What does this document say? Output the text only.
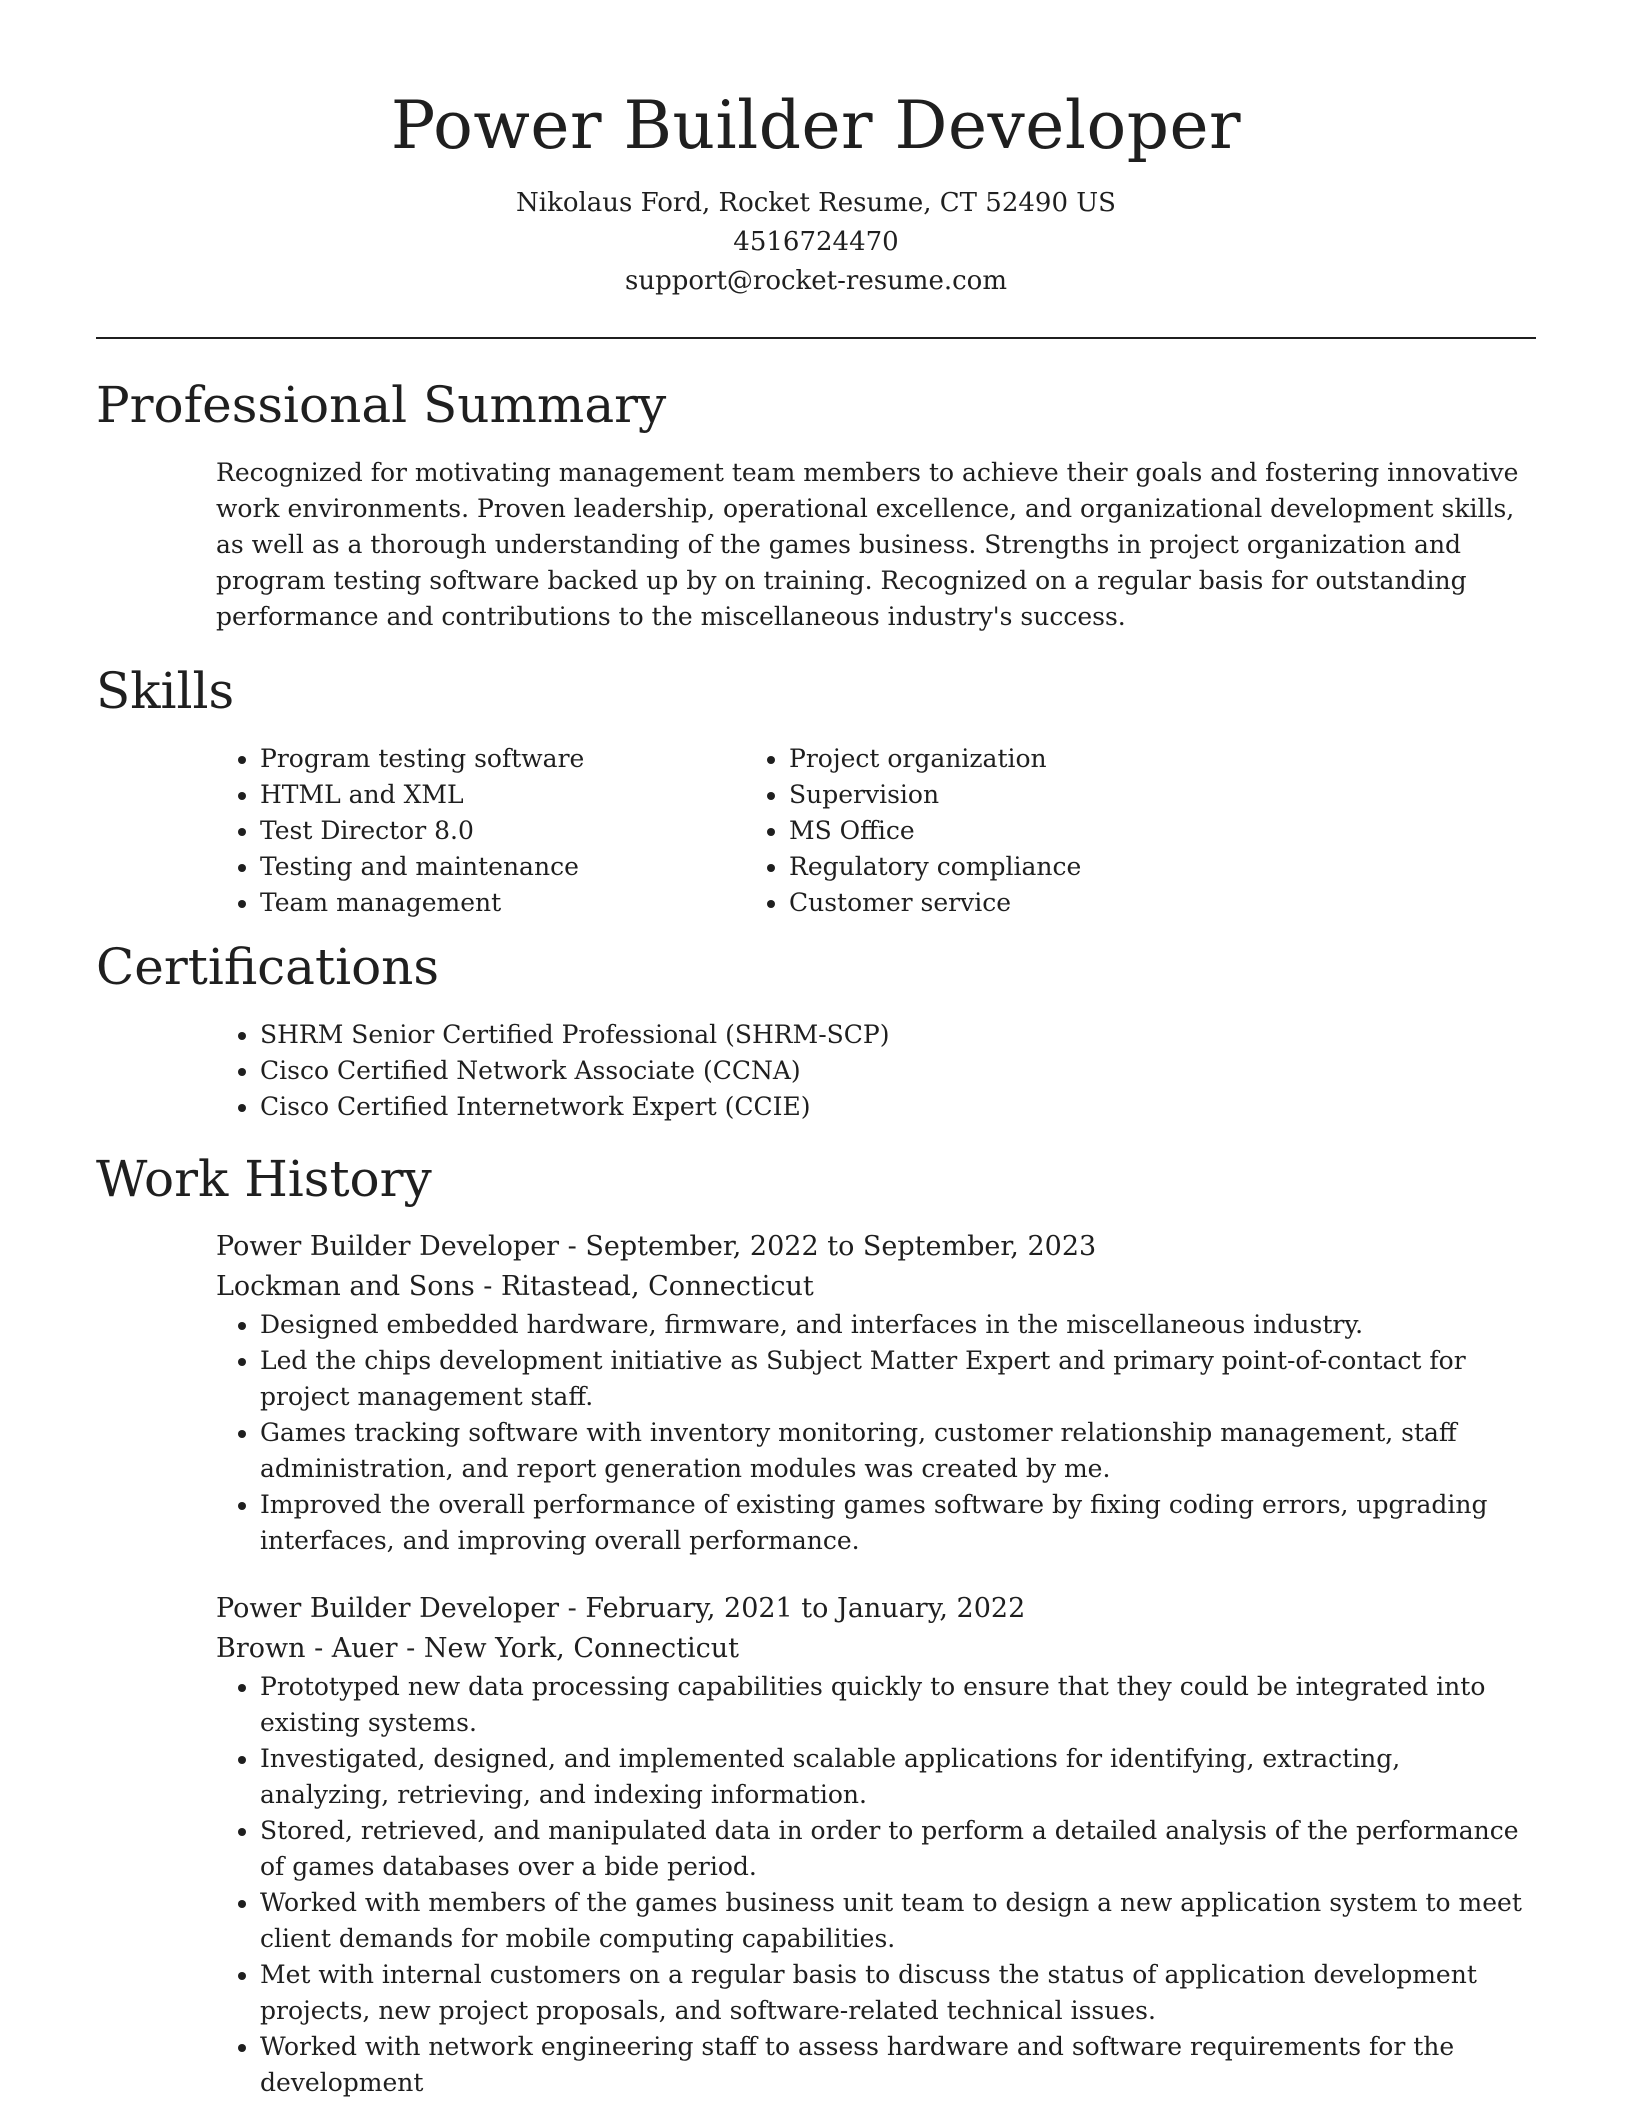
Power Builder Developer
Nikolaus Ford, Rocket Resume, CT 52490 US
4516724470
support@rocket-resume.com
Professional Summary

Recognized for motivating management team members to achieve their goals and fostering innovative work environments. Proven leadership, operational excellence, and organizational development skills, as well as a thorough understanding of the games business. Strengths in project organization and program testing software backed up by on training. Recognized on a regular basis for outstanding performance and contributions to the miscellaneous industry's success.

Skills
• Program testing software
• HTML and XML
• Test Director 8.0
• Testing and maintenance
• Team management
• Project organization
• Supervision
• MS Office
• Regulatory compliance
• Customer service
Certifications
• SHRM Senior Certified Professional (SHRM-SCP)
• Cisco Certified Network Associate (CCNA)
• Cisco Certified Internetwork Expert (CCIE)
Work History
Power Builder Developer - September, 2022 to September, 2023
Lockman and Sons - Ritastead, Connecticut
• Designed embedded hardware, firmware, and interfaces in the miscellaneous industry.
• Led the chips development initiative as Subject Matter Expert and primary point-of-contact for project management staff.
• Games tracking software with inventory monitoring, customer relationship management, staff administration, and report generation modules was created by me.
• Improved the overall performance of existing games software by fixing coding errors, upgrading interfaces, and improving overall performance.
Power Builder Developer - February, 2021 to January, 2022
Brown - Auer - New York, Connecticut
• Prototyped new data processing capabilities quickly to ensure that they could be integrated into existing systems.
• Investigated, designed, and implemented scalable applications for identifying, extracting, analyzing, retrieving, and indexing information.
• Stored, retrieved, and manipulated data in order to perform a detailed analysis of the performance of games databases over a bide period.
• Worked with members of the games business unit team to design a new application system to meet client demands for mobile computing capabilities.
• Met with internal customers on a regular basis to discuss the status of application development projects, new project proposals, and software-related technical issues.
• Worked with network engineering staff to assess hardware and software requirements for the development
